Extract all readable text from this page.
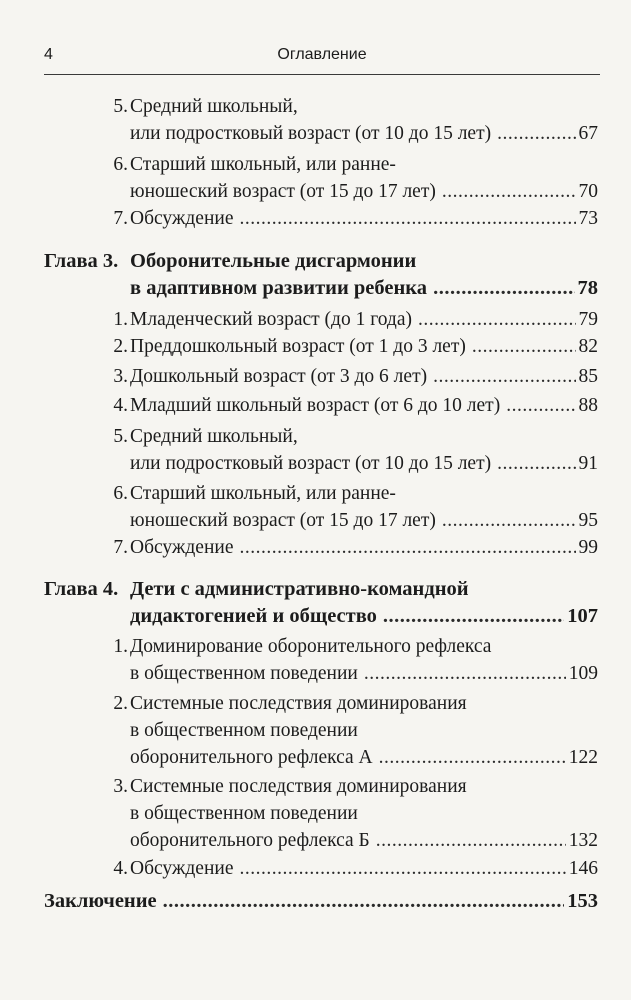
4	Оглавление
5. Средний школьный,
или подростковый возраст (от 10 до 15 лет) .....	67
6. Старший школьный, или ранне-
юношеский возраст (от 15 до 17 лет) .....	70
7. Обсуждение .....	73
Глава 3. Оборонительные дисгармонии
в адаптивном развитии ребенка .....	78
1. Младенческий возраст (до 1 года) .....	79
2. Преддошкольный возраст (от 1 до 3 лет) .....	82
3. Дошкольный возраст (от 3 до 6 лет) .....	85
4. Младший школьный возраст (от 6 до 10 лет) .....	88
5. Средний школьный,
или подростковый возраст (от 10 до 15 лет) .....	91
6. Старший школьный, или ранне-
юношеский возраст (от 15 до 17 лет) .....	95
7. Обсуждение .....	99
Глава 4. Дети с административно-командной
дидактогенией и общество .....	107
1. Доминирование оборонительного рефлекса
в общественном поведении .....	109
2. Системные последствия доминирования
в общественном поведении
оборонительного рефлекса А .....	122
3. Системные последствия доминирования
в общественном поведении
оборонительного рефлекса Б .....	132
4. Обсуждение .....	146
Заключение .....	153
